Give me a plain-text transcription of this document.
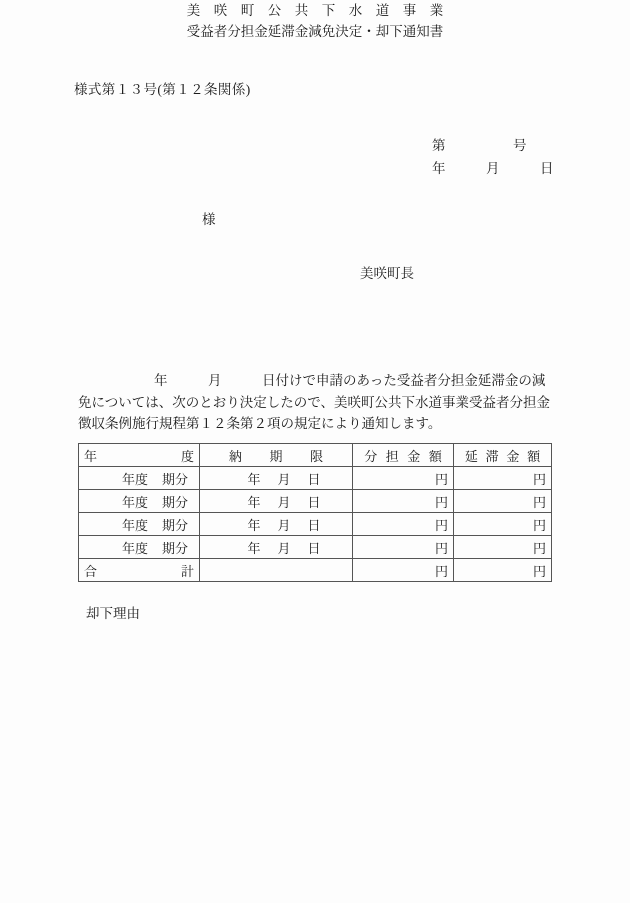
様式第１３号(第１２条関係)
第　　　　　号
年　　　月　　　日
様
美咲町長
美　咲　町　公　共　下　水　道　事　業
受益者分担金延滞金減免決定・却下通知書
年　　　月　　　日付けで申請のあった受益者分担金延滞金の減免については、次のとおり決定したので、美咲町公共下水道事業受益者分担金徴収条例施行規程第１２条第２項の規定により通知します。
年 度	納 期 限	分 担 金 額	延 滞 金 額

年度 期分	年 月 日	円	円

年度 期分	年 月 日	円	円

年度 期分	年 月 日	円	円

年度 期分	年 月 日	円	円

合 計		円	円
却下理由
